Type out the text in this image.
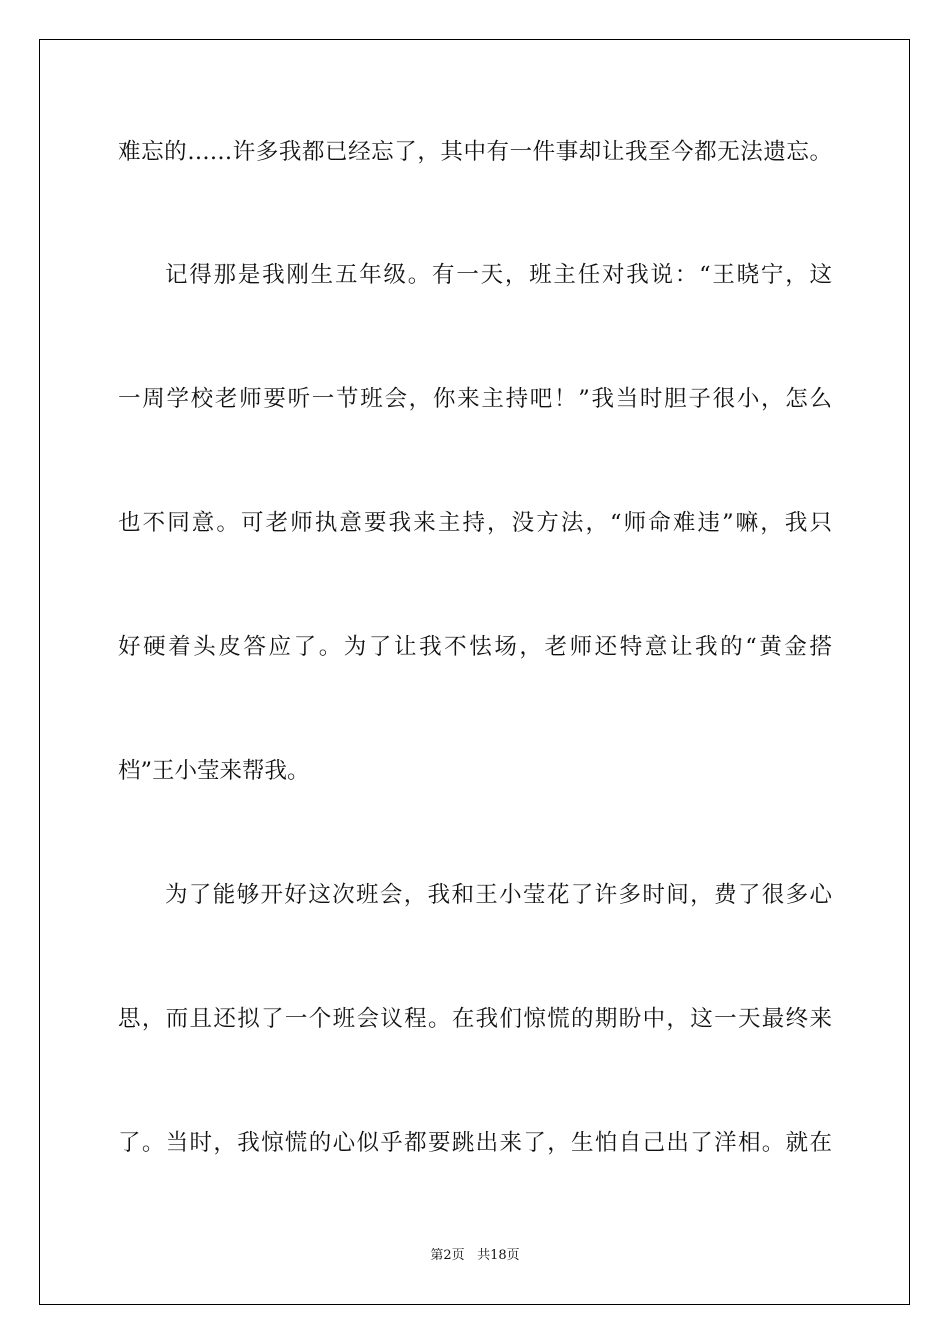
难忘的……许多我都已经忘了，其中有一件事却让我至今都无法遗忘。

记得那是我刚生五年级。有一天，班主任对我说：“王晓宁，这

一周学校老师要听一节班会，你来主持吧！”我当时胆子很小，怎么

也不同意。可老师执意要我来主持，没方法，“师命难违”嘛，我只

好硬着头皮答应了。为了让我不怯场，老师还特意让我的“黄金搭

档”王小莹来帮我。

为了能够开好这次班会，我和王小莹花了许多时间，费了很多心

思，而且还拟了一个班会议程。在我们惊慌的期盼中，这一天最终来

了。当时，我惊慌的心似乎都要跳出来了，生怕自己出了洋相。就在

第2页 共18页
